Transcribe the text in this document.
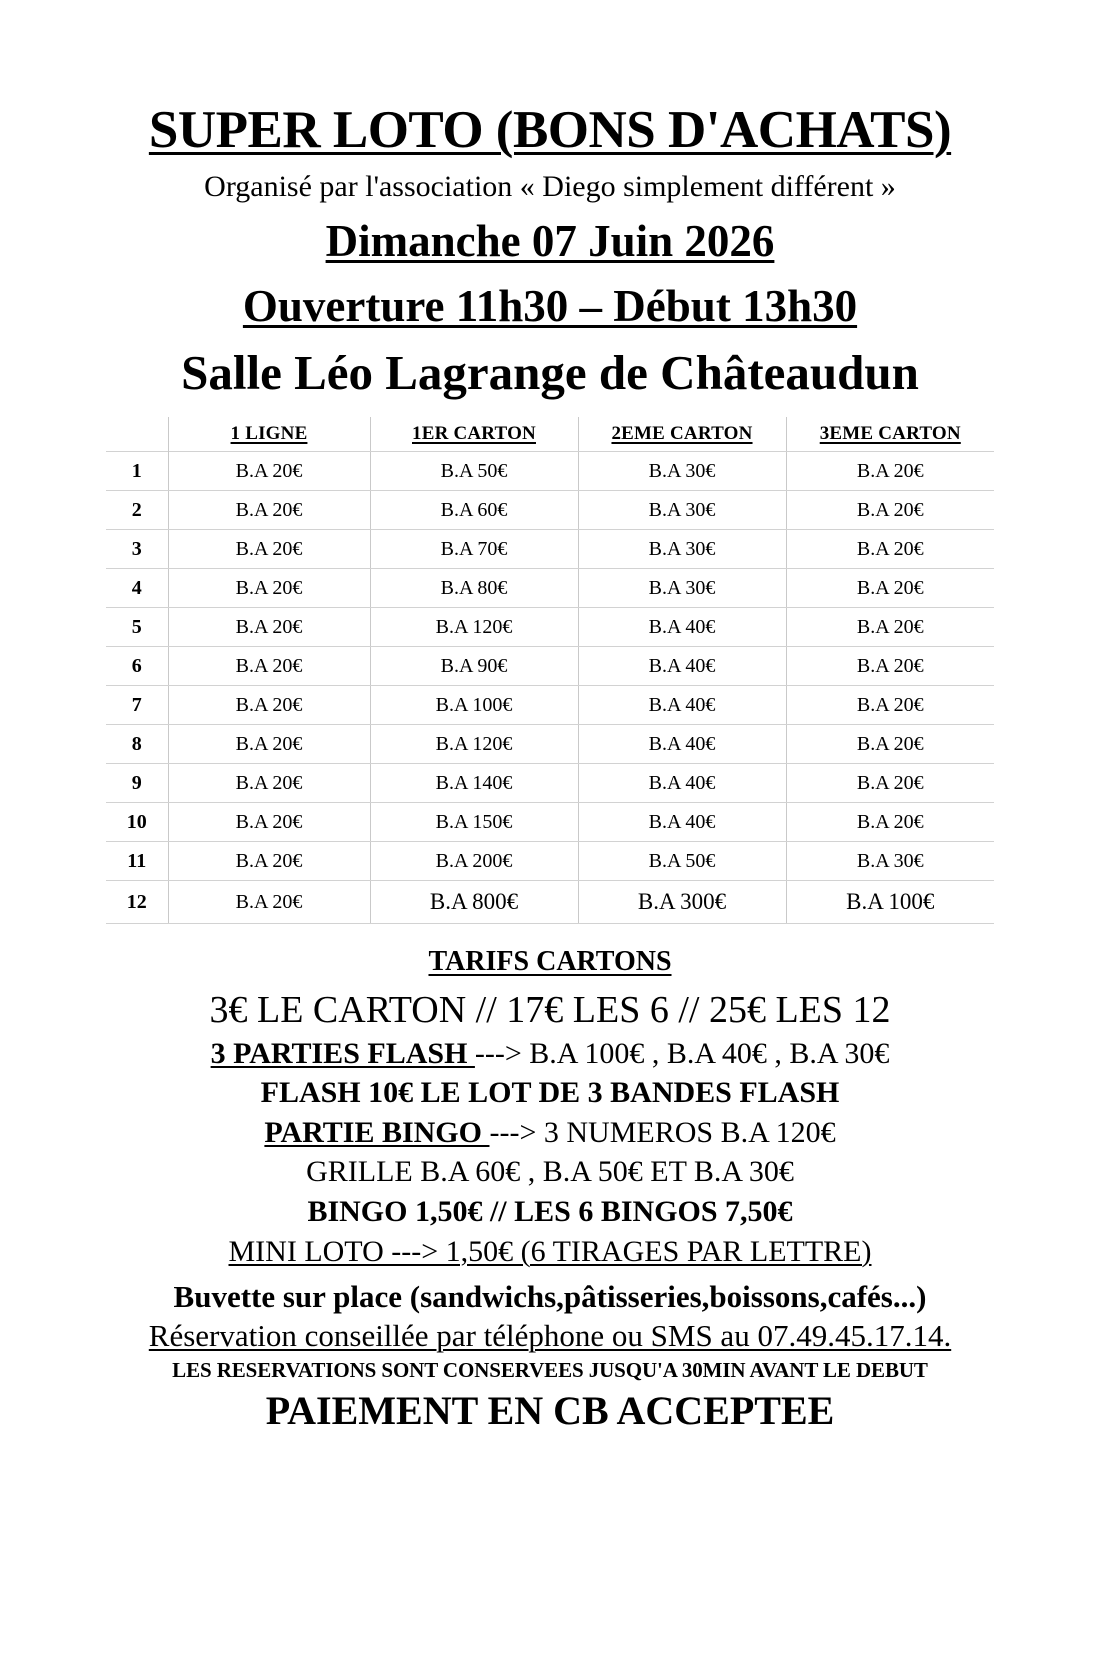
SUPER LOTO (BONS D'ACHATS)
Organisé par l'association « Diego simplement différent »
Dimanche 07 Juin 2026
Ouverture 11h30 – Début 13h30
Salle Léo Lagrange de Châteaudun
	1 LIGNE	1ER CARTON	2EME CARTON	3EME CARTON
1	B.A 20€	B.A 50€	B.A 30€	B.A 20€
2	B.A 20€	B.A 60€	B.A 30€	B.A 20€
3	B.A 20€	B.A 70€	B.A 30€	B.A 20€
4	B.A 20€	B.A 80€	B.A 30€	B.A 20€
5	B.A 20€	B.A 120€	B.A 40€	B.A 20€
6	B.A 20€	B.A 90€	B.A 40€	B.A 20€
7	B.A 20€	B.A 100€	B.A 40€	B.A 20€
8	B.A 20€	B.A 120€	B.A 40€	B.A 20€
9	B.A 20€	B.A 140€	B.A 40€	B.A 20€
10	B.A 20€	B.A 150€	B.A 40€	B.A 20€
11	B.A 20€	B.A 200€	B.A 50€	B.A 30€
12	B.A 20€	B.A 800€	B.A 300€	B.A 100€
TARIFS CARTONS
3€ LE CARTON // 17€ LES 6 // 25€ LES 12
3 PARTIES FLASH ---> B.A 100€ , B.A 40€ , B.A 30€
FLASH 10€ LE LOT DE 3 BANDES FLASH
PARTIE BINGO ---> 3 NUMEROS B.A 120€
GRILLE B.A 60€ , B.A 50€ ET B.A 30€
BINGO 1,50€ // LES 6 BINGOS 7,50€
MINI LOTO ---> 1,50€ (6 TIRAGES PAR LETTRE)
Buvette sur place (sandwichs,pâtisseries,boissons,cafés...)
Réservation conseillée par téléphone ou SMS au 07.49.45.17.14.
LES RESERVATIONS SONT CONSERVEES JUSQU'A 30MIN AVANT LE DEBUT
PAIEMENT EN CB ACCEPTEE
